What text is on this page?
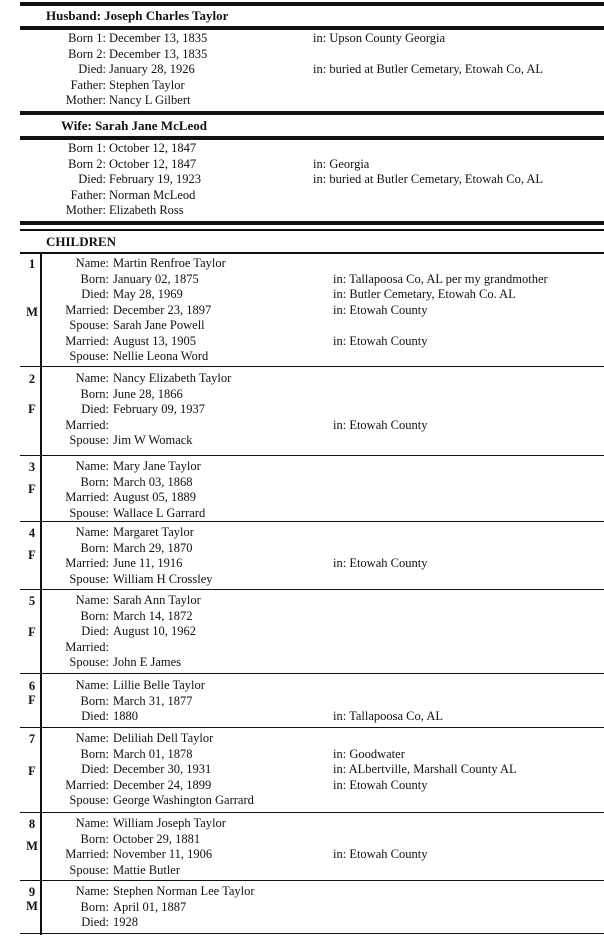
Husband: Joseph Charles Taylor
Born 1: December 13, 1835	in: Upson County Georgia
Born 2: December 13, 1835
Died: January 28, 1926	in: buried at Butler Cemetary, Etowah Co, AL
Father: Stephen Taylor
Mother: Nancy L Gilbert
Wife: Sarah Jane McLeod
Born 1: October 12, 1847
Born 2: October 12, 1847	in: Georgia
Died: February 19, 1923	in: buried at Butler Cemetary, Etowah Co, AL
Father: Norman McLeod
Mother: Elizabeth Ross
CHILDREN
1
M
Name: Martin Renfroe Taylor
Born: January 02, 1875	in: Tallapoosa Co, AL per my grandmother
Died: May 28, 1969	in: Butler Cemetary, Etowah Co. AL
Married: December 23, 1897	in: Etowah County
Spouse: Sarah Jane Powell
Married: August 13, 1905	in: Etowah County
Spouse: Nellie Leona Word
2
F
Name: Nancy Elizabeth Taylor
Born: June 28, 1866
Died: February 09, 1937
Married:	in: Etowah County
Spouse: Jim W Womack
3
F
Name: Mary Jane Taylor
Born: March 03, 1868
Married: August 05, 1889
Spouse: Wallace L Garrard
4
F
Name: Margaret Taylor
Born: March 29, 1870
Married: June 11, 1916	in: Etowah County
Spouse: William H Crossley
5
F
Name: Sarah Ann Taylor
Born: March 14, 1872
Died: August 10, 1962
Married:
Spouse: John E James
6
F
Name: Lillie Belle Taylor
Born: March 31, 1877
Died: 1880	in: Tallapoosa Co, AL
7
F
Name: Deliliah Dell Taylor
Born: March 01, 1878	in: Goodwater
Died: December 30, 1931	in: ALbertville, Marshall County AL
Married: December 24, 1899	in: Etowah County
Spouse: George Washington Garrard
8
M
Name: William Joseph Taylor
Born: October 29, 1881
Married: November 11, 1906	in: Etowah County
Spouse: Mattie Butler
9
M
Name: Stephen Norman Lee Taylor
Born: April 01, 1887
Died: 1928
